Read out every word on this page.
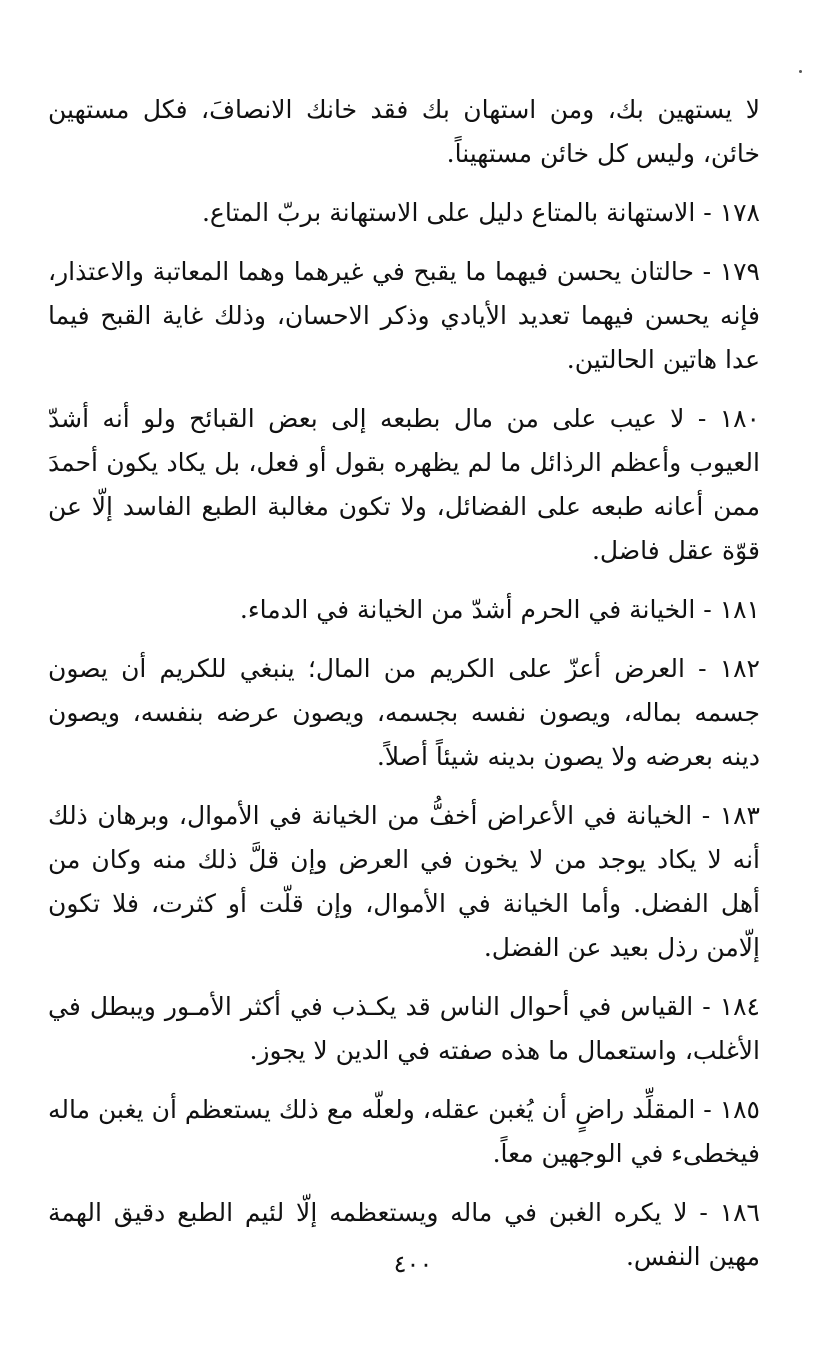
لا يستهين بك، ومن استهان بك فقد خانك الانصافَ، فكل مستهين خائن، وليس كل خائن مستهيناً.

١٧٨ - الاستهانة بالمتاع دليل على الاستهانة بربّ المتاع.

١٧٩ - حالتان يحسن فيهما ما يقبح في غيرهما وهما المعاتبة والاعتذار، فإنه يحسن فيهما تعديد الأيادي وذكر الاحسان، وذلك غاية القبح فيما عدا هاتين الحالتين.

١٨٠ - لا عيب على من مال بطبعه إلى بعض القبائح ولو أنه أشدّ العيوب وأعظم الرذائل ما لم يظهره بقول أو فعل، بل يكاد يكون أحمدَ ممن أعانه طبعه على الفضائل، ولا تكون مغالبة الطبع الفاسد إلّا عن قوّة عقل فاضل.

١٨١ - الخيانة في الحرم أشدّ من الخيانة في الدماء.

١٨٢ - العرض أعزّ على الكريم من المال؛ ينبغي للكريم أن يصون جسمه بماله، ويصون نفسه بجسمه، ويصون عرضه بنفسه، ويصون دينه بعرضه ولا يصون بدينه شيئاً أصلاً.

١٨٣ - الخيانة في الأعراض أخفُّ من الخيانة في الأموال، وبرهان ذلك أنه لا يكاد يوجد من لا يخون في العرض وإن قلَّ ذلك منه وكان من أهل الفضل. وأما الخيانة في الأموال، وإن قلّت أو كثرت، فلا تكون إلّامن رذل بعيد عن الفضل.

١٨٤ - القياس في أحوال الناس قد يكـذب في أكثر الأمـور ويبطل في الأغلب، واستعمال ما هذه صفته في الدين لا يجوز.

١٨٥ - المقلِّد راضٍ أن يُغبن عقله، ولعلّه مع ذلك يستعظم أن يغبن ماله فيخطىء في الوجهين معاً.

١٨٦ - لا يكره الغبن في ماله ويستعظمه إلّا لئيم الطبع دقيق الهمة مهين النفس.

٤٠٠
